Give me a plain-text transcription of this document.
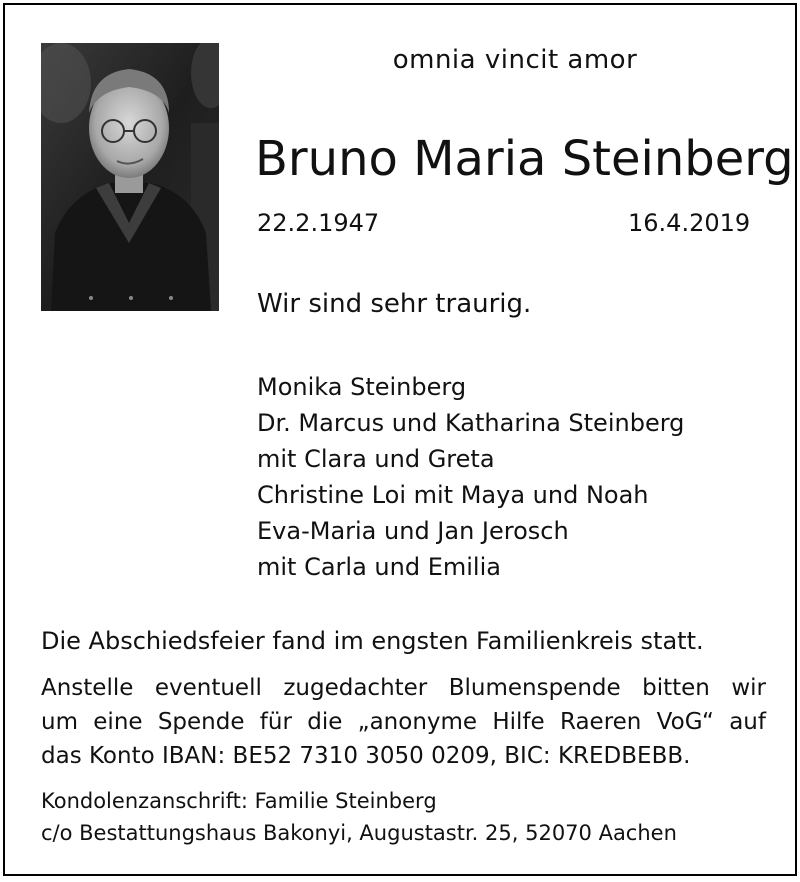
omnia vincit amor
Bruno Maria Steinberg
22.2.1947	16.4.2019
Wir sind sehr traurig.
Monika Steinberg
Dr. Marcus und Katharina Steinberg
mit Clara und Greta
Christine Loi mit Maya und Noah
Eva-Maria und Jan Jerosch
mit Carla und Emilia
Die Abschiedsfeier fand im engsten Familienkreis statt.
Anstelle eventuell zugedachter Blumenspende bitten wir
um eine Spende für die „anonyme Hilfe Raeren VoG“ auf
das Konto IBAN: BE52 7310 3050 0209, BIC: KREDBEBB.
Kondolenzanschrift: Familie Steinberg
c/o Bestattungshaus Bakonyi, Augustastr. 25, 52070 Aachen
